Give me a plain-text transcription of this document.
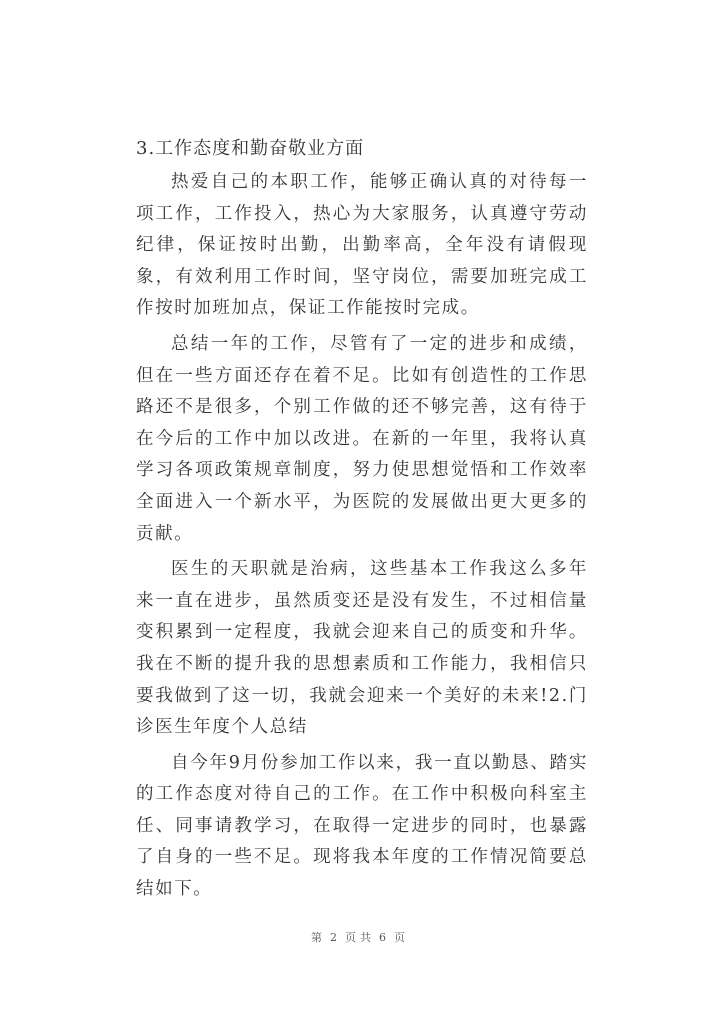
3.工作态度和勤奋敬业方面

热爱自己的本职工作，能够正确认真的对待每一项工作，工作投入，热心为大家服务，认真遵守劳动纪律，保证按时出勤，出勤率高，全年没有请假现象，有效利用工作时间，坚守岗位，需要加班完成工作按时加班加点，保证工作能按时完成。

总结一年的工作，尽管有了一定的进步和成绩，但在一些方面还存在着不足。比如有创造性的工作思路还不是很多，个别工作做的还不够完善，这有待于在今后的工作中加以改进。在新的一年里，我将认真学习各项政策规章制度，努力使思想觉悟和工作效率全面进入一个新水平，为医院的发展做出更大更多的贡献。

医生的天职就是治病，这些基本工作我这么多年来一直在进步，虽然质变还是没有发生，不过相信量变积累到一定程度，我就会迎来自己的质变和升华。我在不断的提升我的思想素质和工作能力，我相信只要我做到了这一切，我就会迎来一个美好的未来!2.门诊医生年度个人总结

自今年9月份参加工作以来，我一直以勤恳、踏实的工作态度对待自己的工作。在工作中积极向科室主任、同事请教学习，在取得一定进步的同时，也暴露了自身的一些不足。现将我本年度的工作情况简要总结如下。

第 2 页共 6 页
